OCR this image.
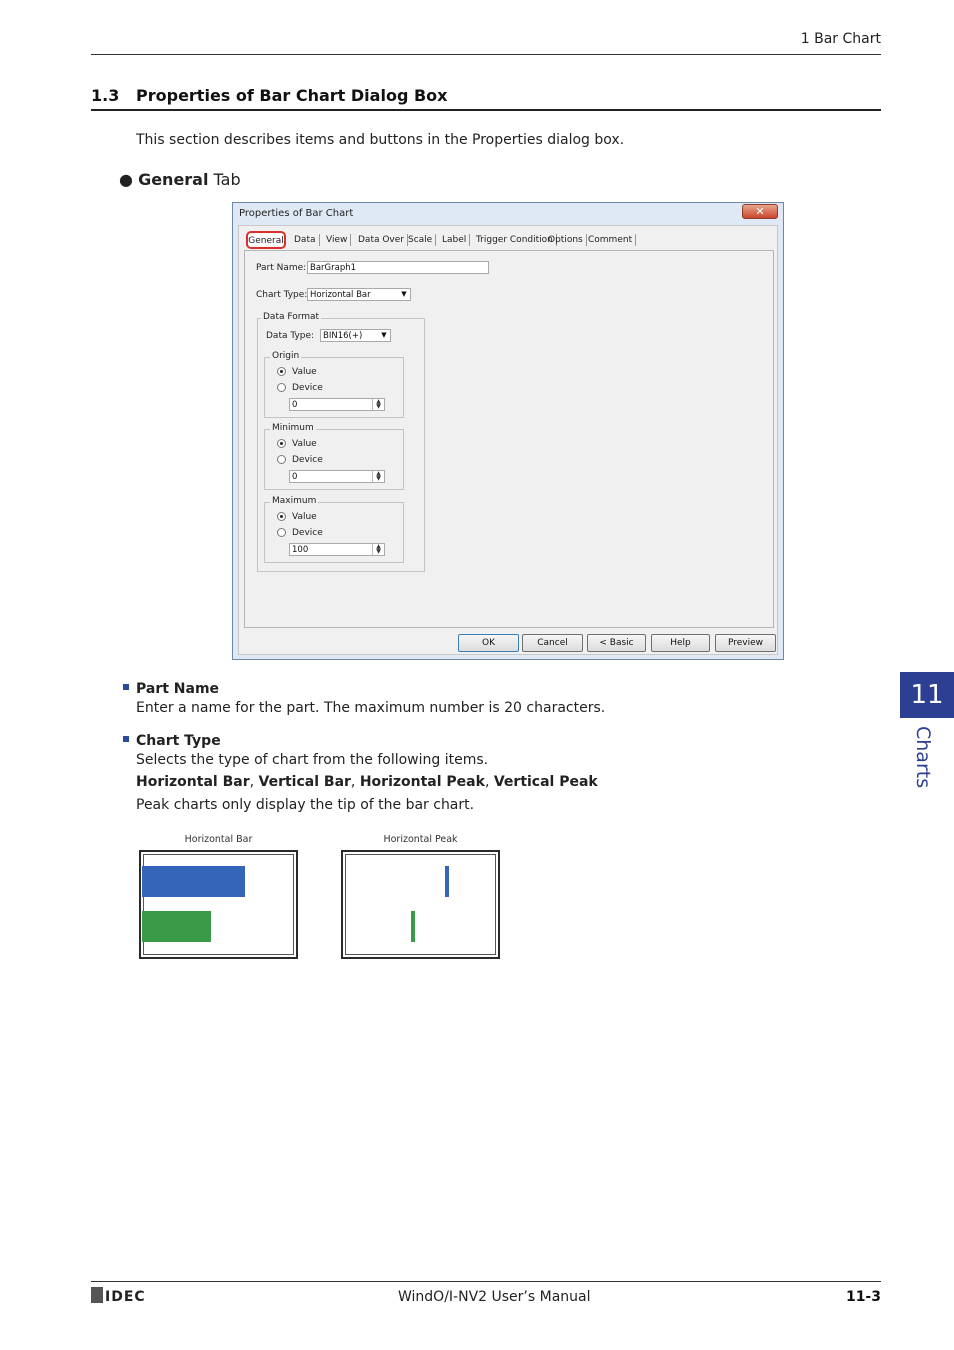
1 Bar Chart
1.3 Properties of Bar Chart Dialog Box
This section describes items and buttons in the Properties dialog box.
● General Tab
Properties of Bar Chart	✕
General	Data	View	Data Over Scale	Label	Trigger Condition
Options Comment
Part Name: BarGraph1
Chart Type: Horizontal Bar	▼
Data Format
Data Type:	BIN16(+)	▼
Origin
Value
Device
0	▲
▼
Minimum
Value
Device
0	▲
▼
Maximum
Value
Device
100	▲
▼
OK	Cancel	< Basic	Help	Preview
Part Name
Enter a name for the part. The maximum number is 20 characters.
Chart Type
Selects the type of chart from the following items.
Horizontal Bar, Vertical Bar, Horizontal Peak, Vertical Peak
Peak charts only display the tip of the bar chart.
Horizontal Bar	Horizontal Peak
11
Charts
IDEC	WindO/I-NV2 User’s Manual	11-3
